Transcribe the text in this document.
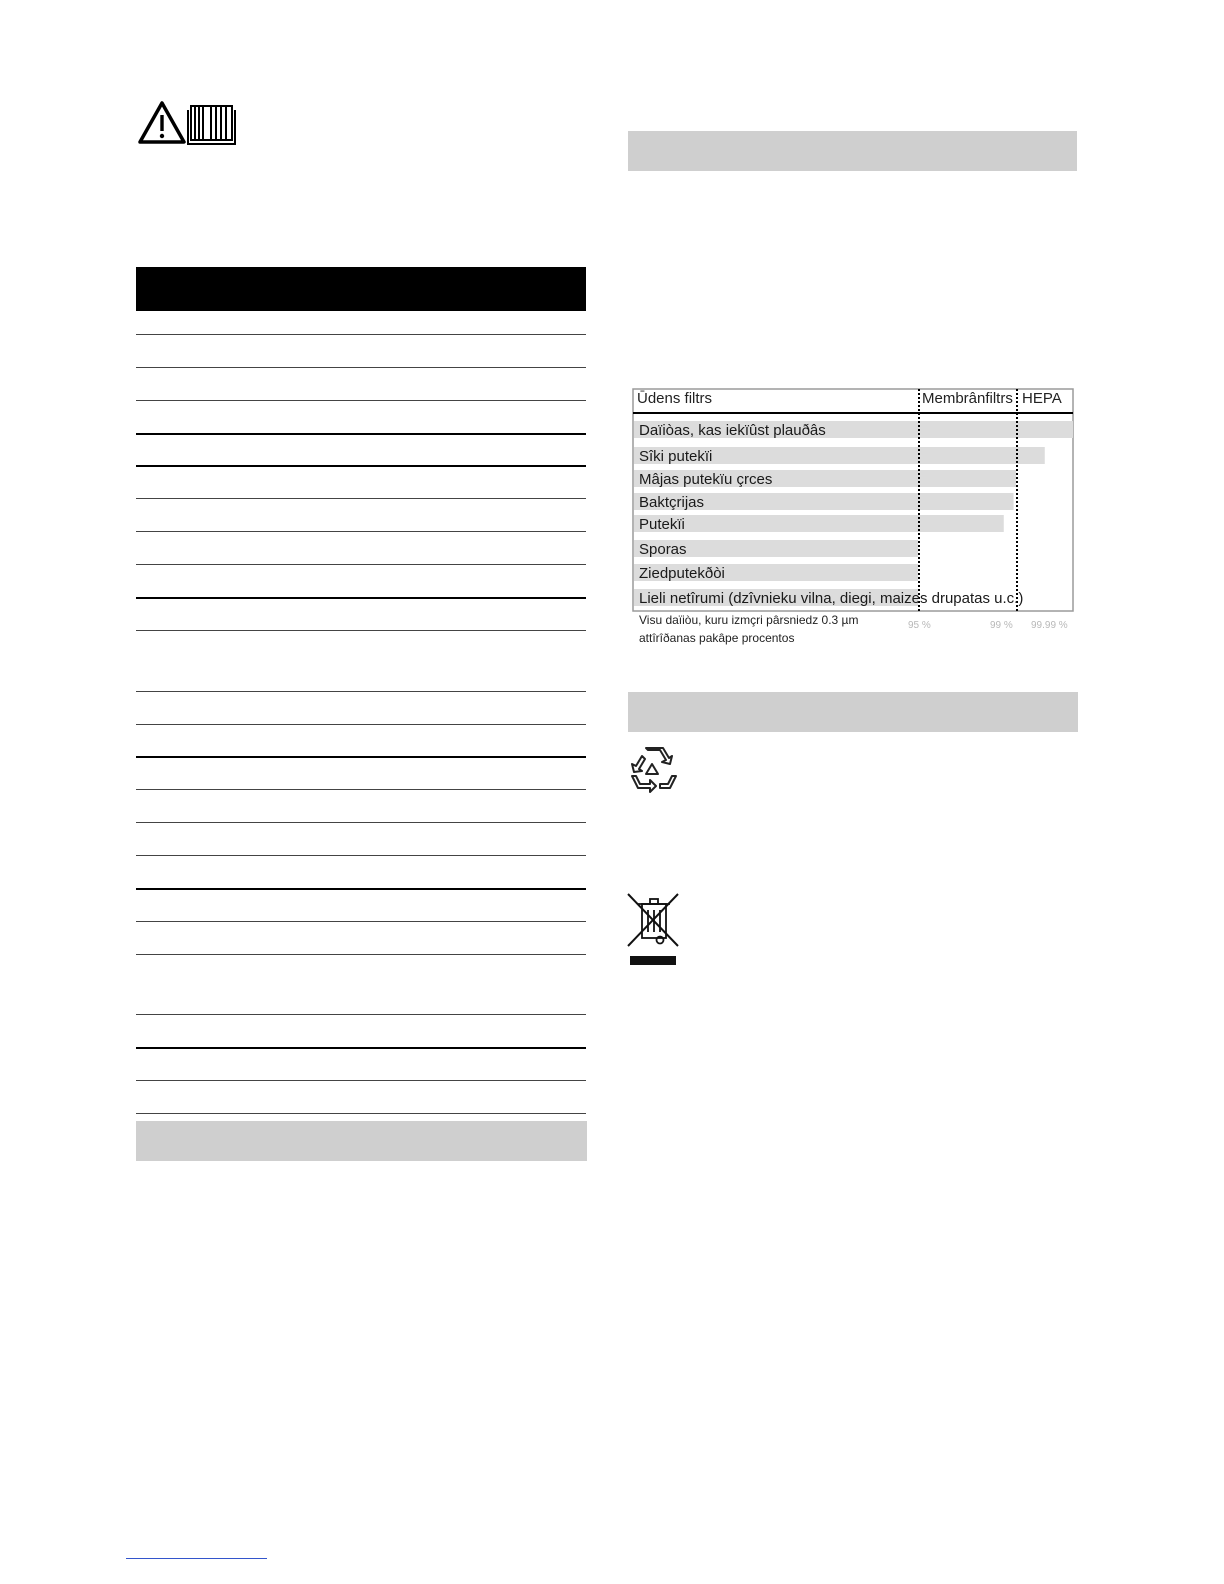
Ūdens filtrs	Membrânfiltrs HEPA
Daïiòas, kas iekïûst plauðâs
Sîki putekïi
Mâjas putekïu çrces
Baktçrijas
Putekïi
Sporas
Ziedputekðòi
Lieli netîrumi (dzîvnieku vilna, diegi, maizes drupatas u.c.)
Visu daïiòu, kuru izmçri pârsniedz 0.3 µm
attîrîðanas pakâpe procentos
95 %	99 % 99.99 %
